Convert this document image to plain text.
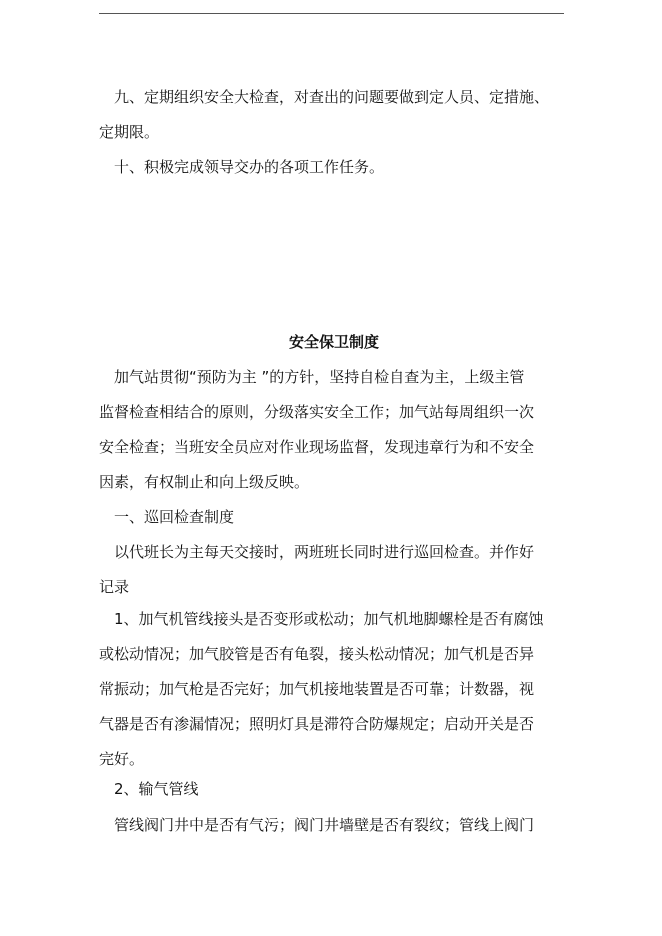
　九、定期组织安全大检查，对查出的问题要做到定人员、定措施、
定期限。
　十、积极完成领导交办的各项工作任务。
安全保卫制度
　加气站贯彻“预防为主 ”的方针，坚持自检自查为主，上级主管
监督检查相结合的原则，分级落实安全工作；加气站每周组织一次
安全检查；当班安全员应对作业现场监督，发现违章行为和不安全
因素，有权制止和向上级反映。
　一、巡回检查制度
　以代班长为主每天交接时，两班班长同时进行巡回检查。并作好
记录
　1、加气机管线接头是否变形或松动；加气机地脚螺栓是否有腐蚀
或松动情况；加气胶管是否有龟裂，接头松动情况；加气机是否异
常振动；加气枪是否完好；加气机接地装置是否可靠；计数器，视
气器是否有渗漏情况；照明灯具是滞符合防爆规定；启动开关是否
完好。
　2、输气管线
　管线阀门井中是否有气污；阀门井墙壁是否有裂纹；管线上阀门
